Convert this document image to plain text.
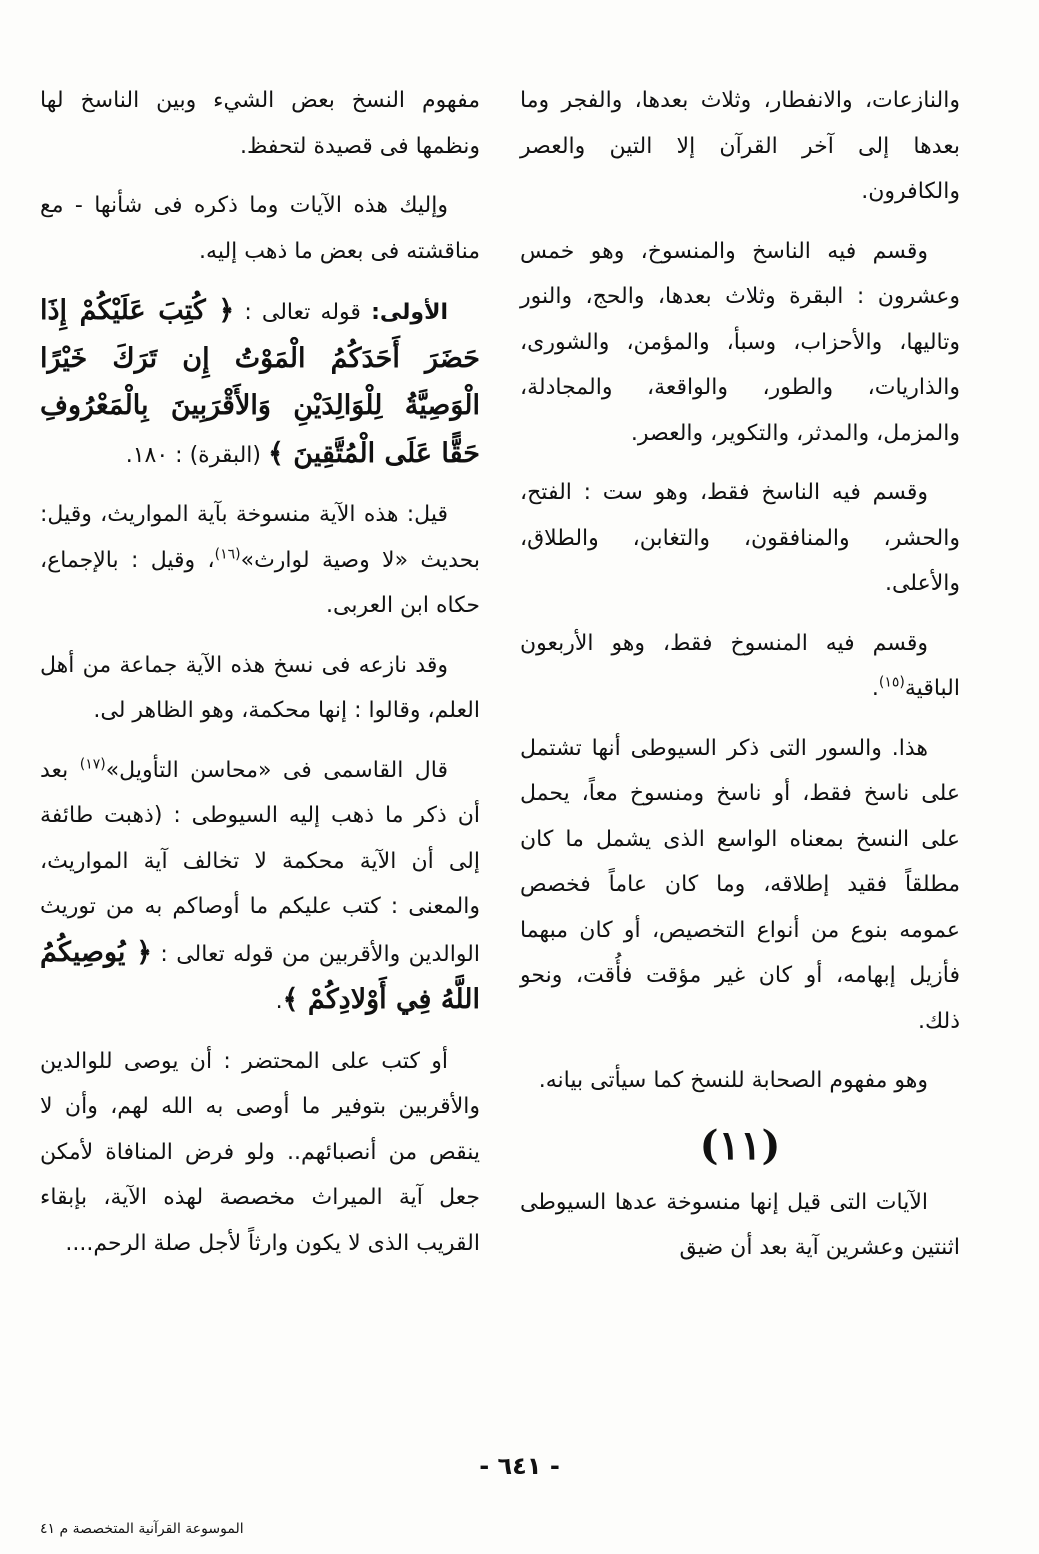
والنازعات، والانفطار، وثلاث بعدها، والفجر وما بعدها إلى آخر القرآن إلا التين والعصر والكافرون.

وقسم فيه الناسخ والمنسوخ، وهو خمس وعشرون : البقرة وثلاث بعدها، والحج، والنور وتاليها، والأحزاب، وسبأ، والمؤمن، والشورى، والذاريات، والطور، والواقعة، والمجادلة، والمزمل، والمدثر، والتكوير، والعصر.

وقسم فيه الناسخ فقط، وهو ست : الفتح، والحشر، والمنافقون، والتغابن، والطلاق، والأعلى.

وقسم فيه المنسوخ فقط، وهو الأربعون الباقية$^{(١٥)}$.

هذا. والسور التى ذكر السيوطى أنها تشتمل على ناسخ فقط، أو ناسخ ومنسوخ معاً، يحمل على النسخ بمعناه الواسع الذى يشمل ما كان مطلقاً فقيد إطلاقه، وما كان عاماً فخصص عمومه بنوع من أنواع التخصيص، أو كان مبهما فأزيل إبهامه، أو كان غير مؤقت فأُقت، ونحو ذلك.

وهو مفهوم الصحابة للنسخ كما سيأتى بيانه.

(١١)

الآيات التى قيل إنها منسوخة عدها السيوطى اثنتين وعشرين آية بعد أن ضيق

مفهوم النسخ بعض الشيء وبين الناسخ لها ونظمها فى قصيدة لتحفظ.

وإليك هذه الآيات وما ذكره فى شأنها - مع مناقشته فى بعض ما ذهب إليه.

الأولى: قوله تعالى : ﴿ كُتِبَ عَلَيْكُمْ إِذَا حَضَرَ أَحَدَكُمُ الْمَوْتُ إِن تَرَكَ خَيْرًا الْوَصِيَّةُ لِلْوَالِدَيْنِ وَالأَقْرَبِينَ بِالْمَعْرُوفِ حَقًّا عَلَى الْمُتَّقِينَ ﴾ (البقرة) : ١٨٠.

قيل: هذه الآية منسوخة بآية المواريث، وقيل: بحديث «لا وصية لوارث»$^{(١٦)}$، وقيل : بالإجماع، حكاه ابن العربى.

وقد نازعه فى نسخ هذه الآية جماعة من أهل العلم، وقالوا : إنها محكمة، وهو الظاهر لى.

قال القاسمى فى «محاسن التأويل»$^{(١٧)}$ بعد أن ذكر ما ذهب إليه السيوطى : (ذهبت طائفة إلى أن الآية محكمة لا تخالف آية المواريث، والمعنى : كتب عليكم ما أوصاكم به من توريث الوالدين والأقربين من قوله تعالى : ﴿ يُوصِيكُمُ اللَّهُ فِي أَوْلادِكُمْ ﴾.

أو كتب على المحتضر : أن يوصى للوالدين والأقربين بتوفير ما أوصى به الله لهم، وأن لا ينقص من أنصبائهم.. ولو فرض المنافاة لأمكن جعل آية الميراث مخصصة لهذه الآية، بإبقاء القريب الذى لا يكون وارثاً لأجل صلة الرحم....

- ٦٤١ -
الموسوعة القرآنية المتخصصة م ٤١
